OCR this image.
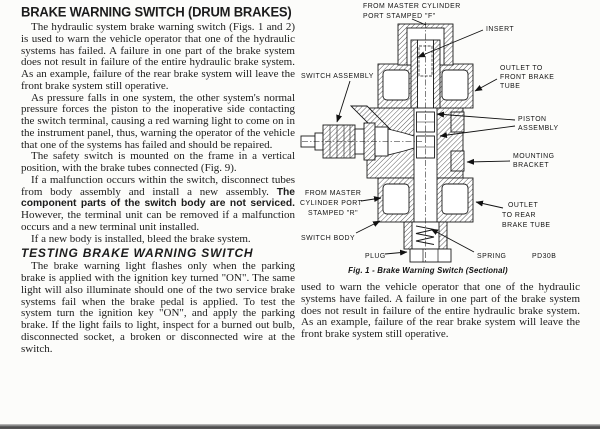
BRAKE WARNING SWITCH (DRUM BRAKES)

The hydraulic system brake warning switch (Figs. 1 and 2) is used to warn the vehicle operator that one of the hydraulic systems has failed. A failure in one part of the brake system does not result in failure of the entire hydraulic brake system. As an example, failure of the rear brake system will leave the front brake system still operative.

As pressure falls in one system, the other system's normal pressure forces the piston to the inoperative side contacting the switch terminal, causing a red warning light to come on in the instrument panel, thus, warning the operator of the vehicle that one of the systems has failed and should be repaired.

The safety switch is mounted on the frame in a vertical position, with the brake tubes connected (Fig. 9).

If a malfunction occurs within the switch, disconnect tubes from body assembly and install a new assembly. The component parts of the switch body are not serviced. However, the terminal unit can be removed if a malfunction occurs and a new terminal unit installed.

If a new body is installed, bleed the brake system.

TESTING BRAKE WARNING SWITCH

The brake warning light flashes only when the parking brake is applied with the ignition key turned "ON". The same light will also illuminate should one of the two service brake systems fail when the brake pedal is applied. To test the system turn the ignition key "ON", and apply the parking brake. If the light fails to light, inspect for a burned out bulb, disconnected socket, a broken or disconnected wire at the switch.

FROM MASTER CYLINDER
PORT STAMPED "F"
INSERT
SWITCH ASSEMBLY
OUTLET TO
FRONT BRAKE
TUBE
PISTON
ASSEMBLY
MOUNTING
BRACKET
FROM MASTER
CYLINDER PORT
STAMPED "R"
OUTLET
TO REAR
BRAKE TUBE
SWITCH BODY
PLUG	SPRING	PD30B
Fig. 1 - Brake Warning Switch (Sectional)
used to warn the vehicle operator that one of the hydraulic systems have failed. A failure in one part of the brake system does not result in failure of the entire hydraulic brake system. As an example, failure of the rear brake system will leave the front brake system still operative.
